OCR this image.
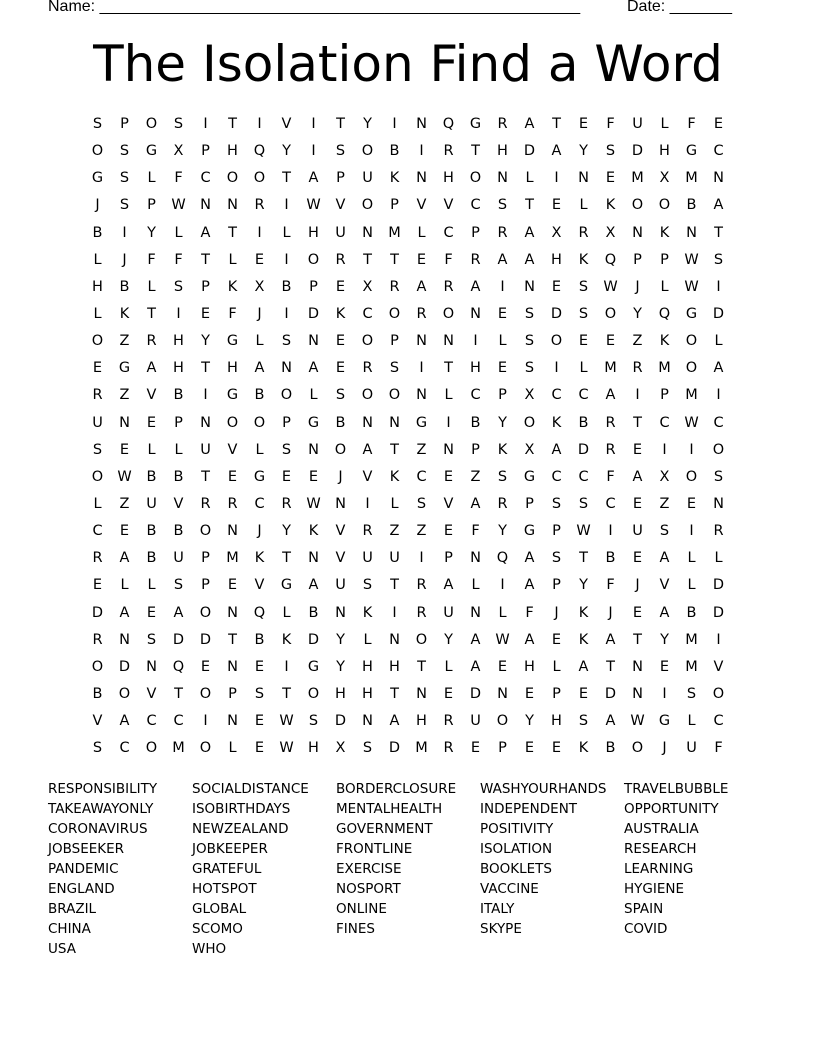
Name: ______________________________________________________	Date: _______
The Isolation Find a Word
S	P	O	S	I	T	I	V	I	T	Y	I	N	Q	G	R	A	T	E	F	U	L	F	E
O	S	G	X	P	H	Q	Y	I	S	O	B	I	R	T	H	D	A	Y	S	D	H	G	C
G	S	L	F	C	O	O	T	A	P	U	K	N	H	O	N	L	I	N	E	M	X	M	N
J	S	P	W N	N	R	I	W	V	O	P	V	V	C	S	T	E	L	K	O	O	B	A
B	I	Y	L	A	T	I	L	H	U	N	M	L	C	P	R	A	X	R	X	N	K	N	T
L	J	F	F	T	L	E	I	O	R	T	T	E	F	R	A	A	H	K	Q	P	P	W	S
H	B	L	S	P	K	X	B	P	E	X	R	A	R	A	I	N	E	S	W	J	L	W	I
L	K	T	I	E	F	J	I	D	K	C	O	R	O	N	E	S	D	S	O	Y	Q	G	D
O	Z	R	H	Y	G	L	S	N	E	O	P	N	N	I	L	S	O	E	E	Z	K	O	L
E	G	A	H	T	H	A	N	A	E	R	S	I	T	H	E	S	I	L	M	R	M	O	A
R	Z	V	B	I	G	B	O	L	S	O	O	N	L	C	P	X	C	C	A	I	P	M	I
U	N	E	P	N	O	O	P	G	B	N	N	G	I	B	Y	O	K	B	R	T	C	W	C
S	E	L	L	U	V	L	S	N	O	A	T	Z	N	P	K	X	A	D	R	E	I	I	O
O W	B	B	T	E	G	E	E	J	V	K	C	E	Z	S	G	C	C	F	A	X	O	S
L	Z	U	V	R	R	C	R	W N	I	L	S	V	A	R	P	S	S	C	E	Z	E	N
C	E	B	B	O	N	J	Y	K	V	R	Z	Z	E	F	Y	G	P	W	I	U	S	I	R
R	A	B	U	P	M	K	T	N	V	U	U	I	P	N	Q	A	S	T	B	E	A	L	L
E	L	L	S	P	E	V	G	A	U	S	T	R	A	L	I	A	P	Y	F	J	V	L	D
D	A	E	A	O	N	Q	L	B	N	K	I	R	U	N	L	F	J	K	J	E	A	B	D
R	N	S	D	D	T	B	K	D	Y	L	N	O	Y	A	W	A	E	K	A	T	Y	M	I
O	D	N	Q	E	N	E	I	G	Y	H	H	T	L	A	E	H	L	A	T	N	E	M	V
B	O	V	T	O	P	S	T	O	H	H	T	N	E	D	N	E	P	E	D	N	I	S	O
V	A	C	C	I	N	E	W	S	D	N	A	H	R	U	O	Y	H	S	A	W G	L	C
S	C	O	M	O	L	E	W H	X	S	D	M	R	E	P	E	E	K	B	O	J	U	F
RESPONSIBILITY
TAKEAWAYONLY
CORONAVIRUS
JOBSEEKER
PANDEMIC
ENGLAND
BRAZIL
CHINA
USA
SOCIALDISTANCE
ISOBIRTHDAYS
NEWZEALAND
JOBKEEPER
GRATEFUL
HOTSPOT
GLOBAL
SCOMO
WHO
BORDERCLOSURE
MENTALHEALTH
GOVERNMENT
FRONTLINE
EXERCISE
NOSPORT
ONLINE
FINES
WASHYOURHANDS
INDEPENDENT
POSITIVITY
ISOLATION
BOOKLETS
VACCINE
ITALY
SKYPE
TRAVELBUBBLE
OPPORTUNITY
AUSTRALIA
RESEARCH
LEARNING
HYGIENE
SPAIN
COVID
